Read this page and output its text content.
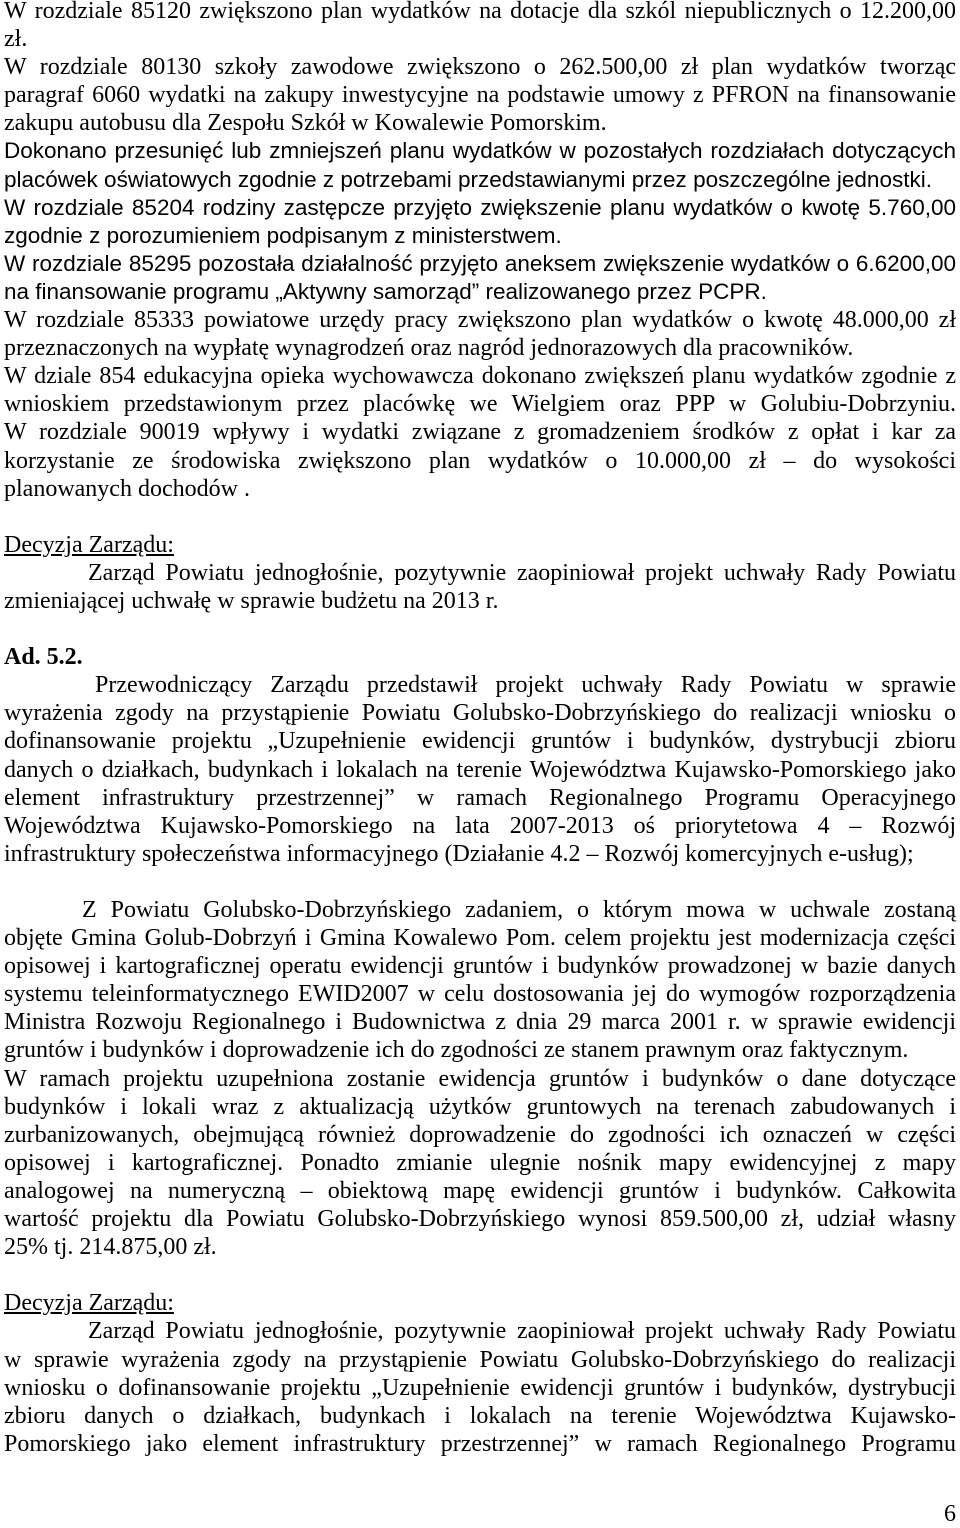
W rozdziale 85120 zwiększono plan wydatków na dotacje dla szkól niepublicznych o 12.200,00
zł.
W rozdziale 80130 szkoły zawodowe zwiększono o 262.500,00 zł plan wydatków tworząc
paragraf 6060 wydatki na zakupy inwestycyjne na podstawie umowy z PFRON na finansowanie
zakupu autobusu dla Zespołu Szkół w Kowalewie Pomorskim.
Dokonano przesunięć lub zmniejszeń planu wydatków w pozostałych rozdziałach dotyczących
placówek oświatowych zgodnie z potrzebami przedstawianymi przez poszczególne jednostki.
W rozdziale 85204 rodziny zastępcze przyjęto zwiększenie planu wydatków o kwotę 5.760,00
zgodnie z porozumieniem podpisanym z ministerstwem.
W rozdziale 85295 pozostała działalność przyjęto aneksem zwiększenie wydatków o 6.6200,00
na finansowanie programu „Aktywny samorząd” realizowanego przez PCPR.
W rozdziale 85333 powiatowe urzędy pracy zwiększono plan wydatków o kwotę 48.000,00 zł
przeznaczonych na wypłatę wynagrodzeń oraz nagród jednorazowych dla pracowników.
W dziale 854 edukacyjna opieka wychowawcza dokonano zwiększeń planu wydatków zgodnie z
wnioskiem przedstawionym przez placówkę we Wielgiem oraz PPP w Golubiu-Dobrzyniu.
W rozdziale 90019 wpływy i wydatki związane z gromadzeniem środków z opłat i kar za
korzystanie ze środowiska zwiększono plan wydatków o 10.000,00 zł – do wysokości
planowanych dochodów .
Decyzja Zarządu:
Zarząd Powiatu jednogłośnie, pozytywnie zaopiniował projekt uchwały Rady Powiatu
zmieniającej uchwałę w sprawie budżetu na 2013 r.
Ad. 5.2.
Przewodniczący Zarządu przedstawił projekt uchwały Rady Powiatu w sprawie
wyrażenia zgody na przystąpienie Powiatu Golubsko-Dobrzyńskiego do realizacji wniosku o
dofinansowanie projektu „Uzupełnienie ewidencji gruntów i budynków, dystrybucji zbioru
danych o działkach, budynkach i lokalach na terenie Województwa Kujawsko-Pomorskiego jako
element infrastruktury przestrzennej” w ramach Regionalnego Programu Operacyjnego
Województwa Kujawsko-Pomorskiego na lata 2007-2013 oś priorytetowa 4 – Rozwój
infrastruktury społeczeństwa informacyjnego (Działanie 4.2 – Rozwój komercyjnych e-usług);
Z Powiatu Golubsko-Dobrzyńskiego zadaniem, o którym mowa w uchwale zostaną
objęte Gmina Golub-Dobrzyń i Gmina Kowalewo Pom. celem projektu jest modernizacja części
opisowej i kartograficznej operatu ewidencji gruntów i budynków prowadzonej w bazie danych
systemu teleinformatycznego EWID2007 w celu dostosowania jej do wymogów rozporządzenia
Ministra Rozwoju Regionalnego i Budownictwa z dnia 29 marca 2001 r. w sprawie ewidencji
gruntów i budynków i doprowadzenie ich do zgodności ze stanem prawnym oraz faktycznym.
W ramach projektu uzupełniona zostanie ewidencja gruntów i budynków o dane dotyczące
budynków i lokali wraz z aktualizacją użytków gruntowych na terenach zabudowanych i
zurbanizowanych, obejmującą również doprowadzenie do zgodności ich oznaczeń w części
opisowej i kartograficznej. Ponadto zmianie ulegnie nośnik mapy ewidencyjnej z mapy
analogowej na numeryczną – obiektową mapę ewidencji gruntów i budynków. Całkowita
wartość projektu dla Powiatu Golubsko-Dobrzyńskiego wynosi 859.500,00 zł, udział własny
25% tj. 214.875,00 zł.
Decyzja Zarządu:
Zarząd Powiatu jednogłośnie, pozytywnie zaopiniował projekt uchwały Rady Powiatu
w sprawie wyrażenia zgody na przystąpienie Powiatu Golubsko-Dobrzyńskiego do realizacji
wniosku o dofinansowanie projektu „Uzupełnienie ewidencji gruntów i budynków, dystrybucji
zbioru danych o działkach, budynkach i lokalach na terenie Województwa Kujawsko-
Pomorskiego jako element infrastruktury przestrzennej” w ramach Regionalnego Programu
6
